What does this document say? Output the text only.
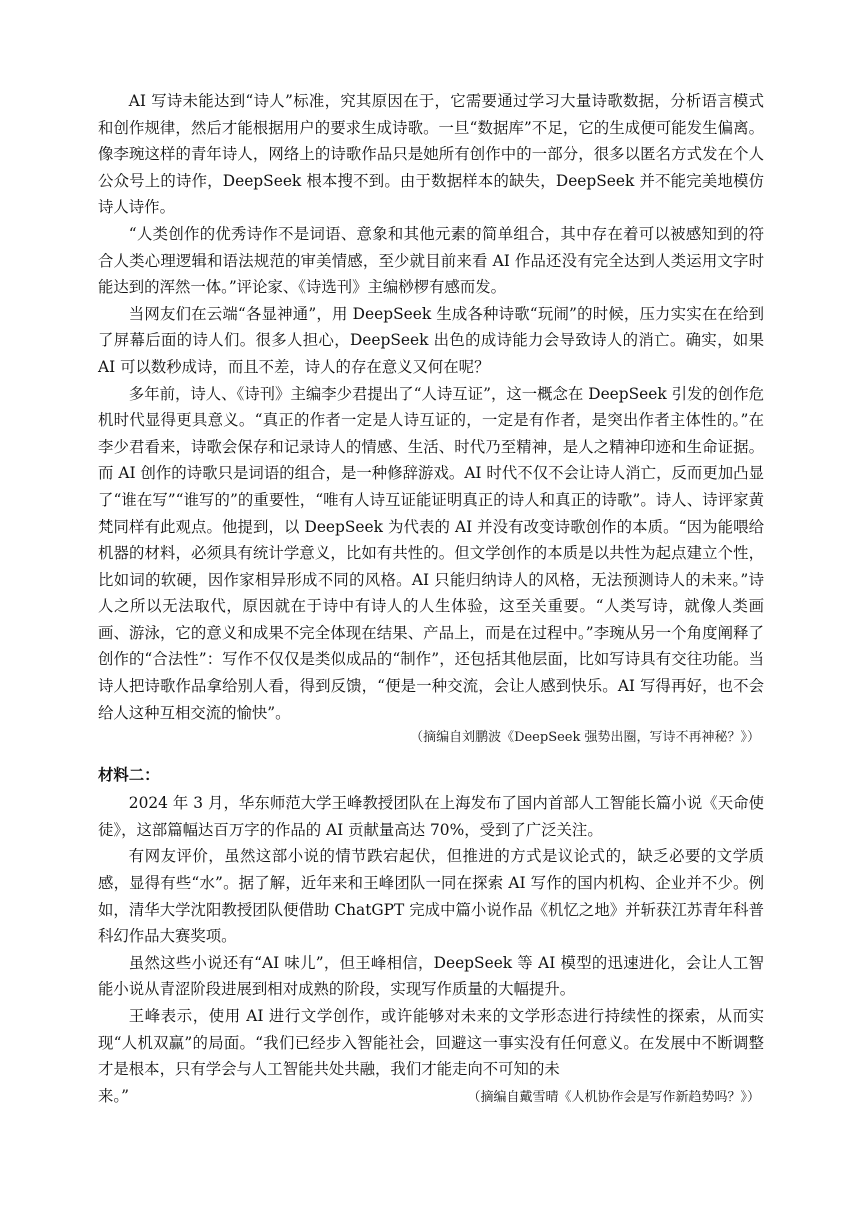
AI 写诗未能达到“诗人”标准，究其原因在于，它需要通过学习大量诗歌数据，分析语言模式和创作规律，然后才能根据用户的要求生成诗歌。一旦“数据库”不足，它的生成便可能发生偏离。像李琬这样的青年诗人，网络上的诗歌作品只是她所有创作中的一部分，很多以匿名方式发在个人公众号上的诗作，DeepSeek 根本搜不到。由于数据样本的缺失，DeepSeek 并不能完美地模仿诗人诗作。

“人类创作的优秀诗作不是词语、意象和其他元素的简单组合，其中存在着可以被感知到的符合人类心理逻辑和语法规范的审美情感，至少就目前来看 AI 作品还没有完全达到人类运用文字时能达到的浑然一体。”评论家、《诗选刊》主编桫椤有感而发。

当网友们在云端“各显神通”，用 DeepSeek 生成各种诗歌“玩闹”的时候，压力实实在在给到了屏幕后面的诗人们。很多人担心，DeepSeek 出色的成诗能力会导致诗人的消亡。确实，如果 AI 可以数秒成诗，而且不差，诗人的存在意义又何在呢？

多年前，诗人、《诗刊》主编李少君提出了“人诗互证”，这一概念在 DeepSeek 引发的创作危机时代显得更具意义。“真正的作者一定是人诗互证的，一定是有作者，是突出作者主体性的。”在李少君看来，诗歌会保存和记录诗人的情感、生活、时代乃至精神，是人之精神印迹和生命证据。而 AI 创作的诗歌只是词语的组合，是一种修辞游戏。AI 时代不仅不会让诗人消亡，反而更加凸显了“谁在写”“谁写的”的重要性，“唯有人诗互证能证明真正的诗人和真正的诗歌”。诗人、诗评家黄梵同样有此观点。他提到，以 DeepSeek 为代表的 AI 并没有改变诗歌创作的本质。“因为能喂给机器的材料，必须具有统计学意义，比如有共性的。但文学创作的本质是以共性为起点建立个性，比如词的软硬，因作家相异形成不同的风格。AI 只能归纳诗人的风格，无法预测诗人的未来。”诗人之所以无法取代，原因就在于诗中有诗人的人生体验，这至关重要。“人类写诗，就像人类画画、游泳，它的意义和成果不完全体现在结果、产品上，而是在过程中。”李琬从另一个角度阐释了创作的“合法性”：写作不仅仅是类似成品的“制作”，还包括其他层面，比如写诗具有交往功能。当诗人把诗歌作品拿给别人看，得到反馈，“便是一种交流，会让人感到快乐。AI 写得再好，也不会给人这种互相交流的愉快”。

（摘编自刘鹏波《DeepSeek 强势出圈，写诗不再神秘？》）

材料二：

2024 年 3 月，华东师范大学王峰教授团队在上海发布了国内首部人工智能长篇小说《天命使徒》，这部篇幅达百万字的作品的 AI 贡献量高达 70%，受到了广泛关注。

有网友评价，虽然这部小说的情节跌宕起伏，但推进的方式是议论式的，缺乏必要的文学质感，显得有些“水”。据了解，近年来和王峰团队一同在探索 AI 写作的国内机构、企业并不少。例如，清华大学沈阳教授团队便借助 ChatGPT 完成中篇小说作品《机忆之地》并斩获江苏青年科普科幻作品大赛奖项。

虽然这些小说还有“AI 味儿”，但王峰相信，DeepSeek 等 AI 模型的迅速进化，会让人工智能小说从青涩阶段进展到相对成熟的阶段，实现写作质量的大幅提升。

王峰表示，使用 AI 进行文学创作，或许能够对未来的文学形态进行持续性的探索，从而实现“人机双赢”的局面。“我们已经步入智能社会，回避这一事实没有任何意义。在发展中不断调整才是根本，只有学会与人工智能共处共融，我们才能走向不可知的未

来。”	（摘编自戴雪晴《人机协作会是写作新趋势吗？》）
